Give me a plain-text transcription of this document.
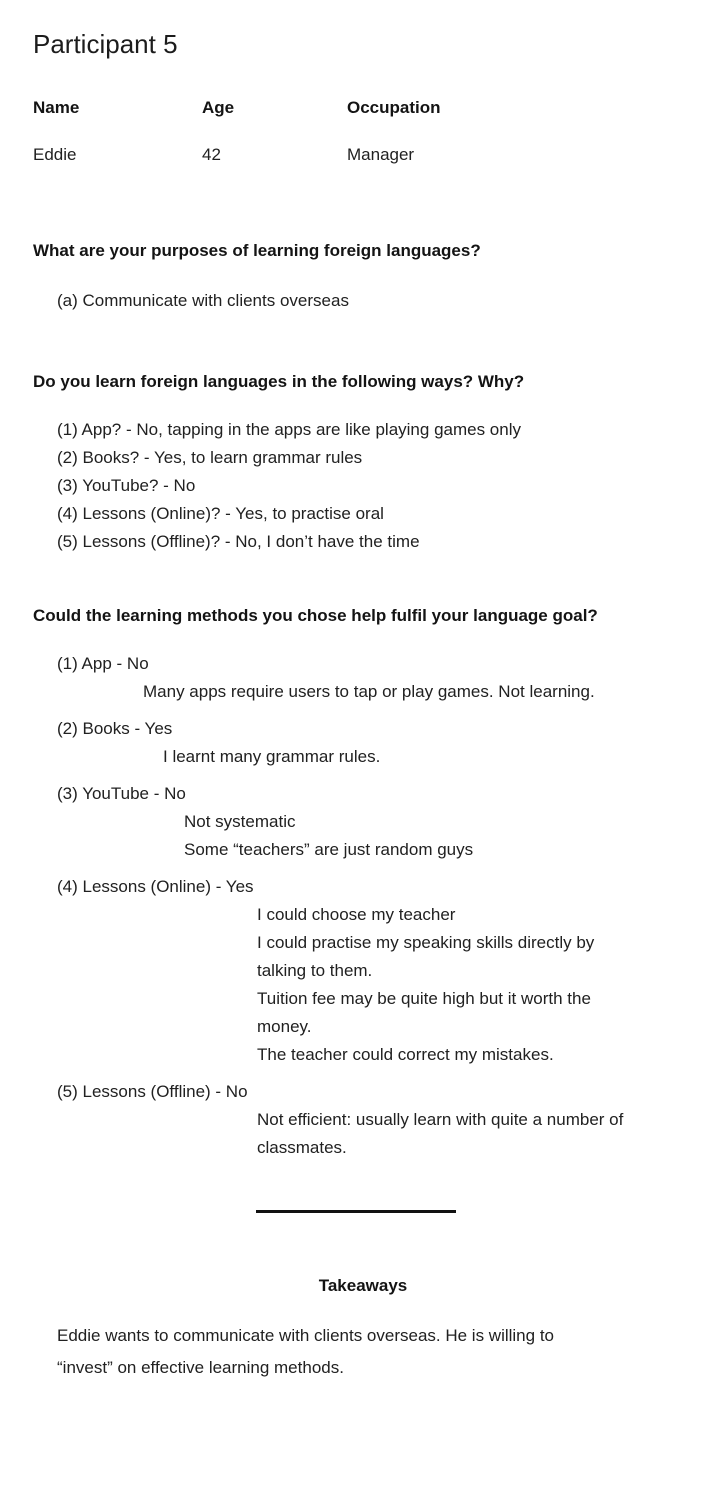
Participant 5
Name	Age	Occupation
Eddie	42	Manager
What are your purposes of learning foreign languages?
(a) Communicate with clients overseas
Do you learn foreign languages in the following ways? Why?
(1) App? - No, tapping in the apps are like playing games only
(2) Books? - Yes, to learn grammar rules
(3) YouTube? - No
(4) Lessons (Online)? - Yes, to practise oral
(5) Lessons (Offline)? - No, I don’t have the time
Could the learning methods you chose help fulfil your language goal?
(1) App - No
Many apps require users to tap or play games. Not learning.
(2) Books - Yes
I learnt many grammar rules.
(3) YouTube - No
Not systematic
Some “teachers” are just random guys
(4) Lessons (Online) - Yes
I could choose my teacher
I could practise my speaking skills directly by
talking to them.
Tuition fee may be quite high but it worth the
money.
The teacher could correct my mistakes.
(5) Lessons (Offline) - No
Not efficient: usually learn with quite a number of
classmates.
Takeaways
Eddie wants to communicate with clients overseas. He is willing to
“invest” on effective learning methods.
